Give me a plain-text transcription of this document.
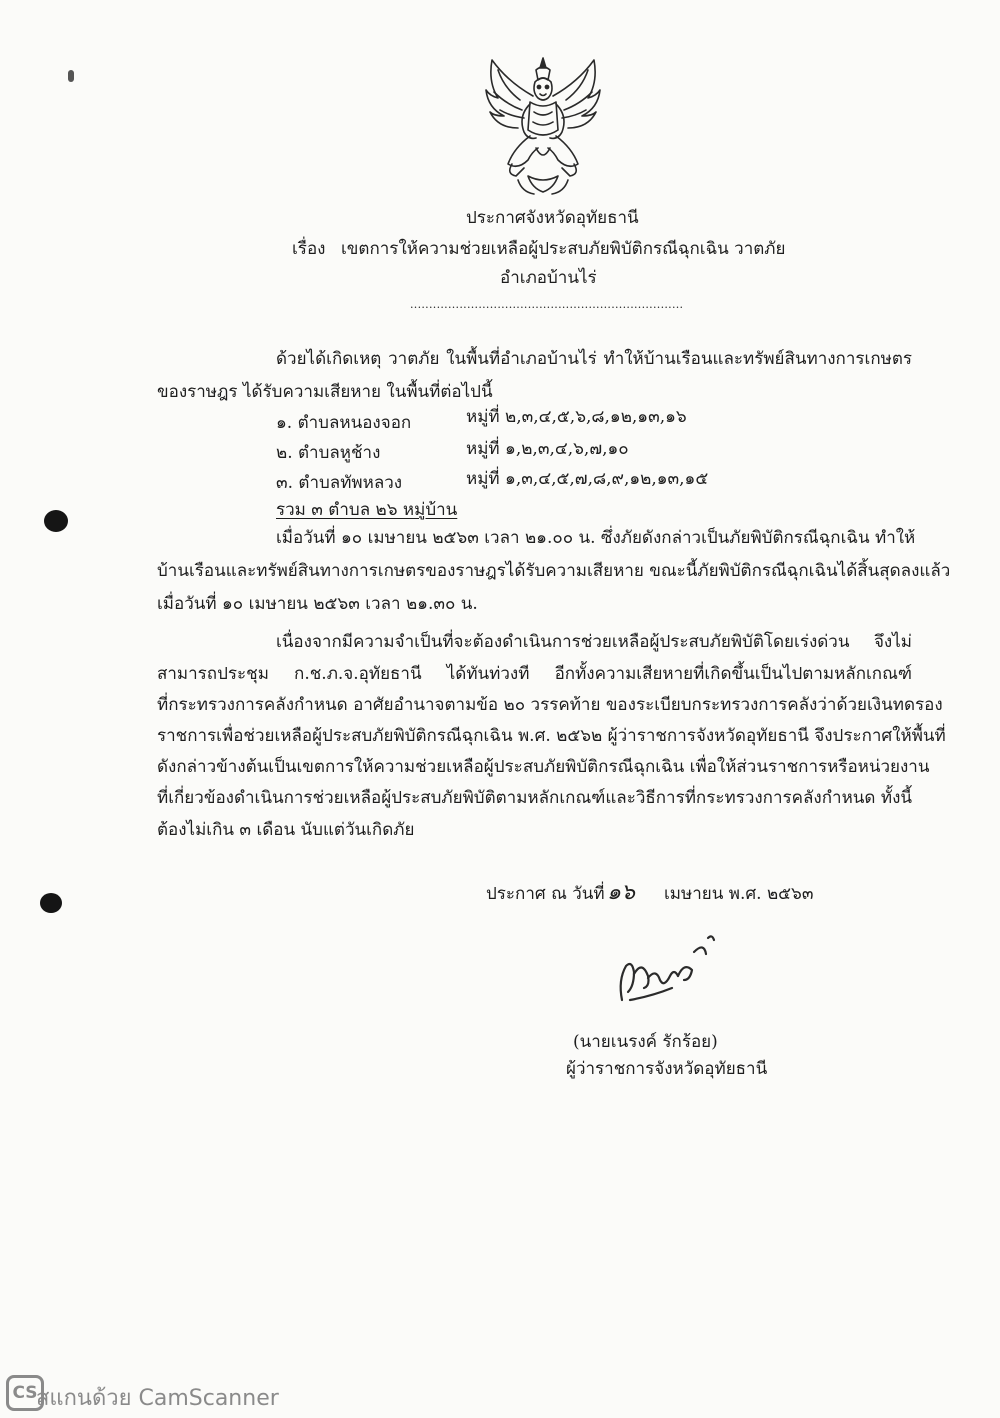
ประกาศจังหวัดอุทัยธานี
เรื่อง เขตการให้ความช่วยเหลือผู้ประสบภัยพิบัติกรณีฉุกเฉิน วาตภัย
อำเภอบ้านไร่
........................................................................
ด้วยได้เกิดเหตุ วาตภัย ในพื้นที่อำเภอบ้านไร่ ทำให้บ้านเรือนและทรัพย์สินทางการเกษตร
ของราษฎร ได้รับความเสียหาย ในพื้นที่ต่อไปนี้
๑. ตำบลหนองจอก	หมู่ที่ ๒,๓,๔,๕,๖,๘,๑๒,๑๓,๑๖
๒. ตำบลหูช้าง	หมู่ที่ ๑,๒,๓,๔,๖,๗,๑๐
๓. ตำบลทัพหลวง	หมู่ที่ ๑,๓,๔,๕,๗,๘,๙,๑๒,๑๓,๑๕
รวม ๓ ตำบล ๒๖ หมู่บ้าน
เมื่อวันที่ ๑๐ เมษายน ๒๕๖๓ เวลา ๒๑.๐๐ น. ซึ่งภัยดังกล่าวเป็นภัยพิบัติกรณีฉุกเฉิน ทำให้
บ้านเรือนและทรัพย์สินทางการเกษตรของราษฎรได้รับความเสียหาย ขณะนี้ภัยพิบัติกรณีฉุกเฉินได้สิ้นสุดลงแล้ว
เมื่อวันที่ ๑๐ เมษายน ๒๕๖๓ เวลา ๒๑.๓๐ น.
เนื่องจากมีความจำเป็นที่จะต้องดำเนินการช่วยเหลือผู้ประสบภัยพิบัติโดยเร่งด่วน จึงไม่
สามารถประชุม ก.ช.ภ.จ.อุทัยธานี ได้ทันท่วงที อีกทั้งความเสียหายที่เกิดขึ้นเป็นไปตามหลักเกณฑ์
ที่กระทรวงการคลังกำหนด อาศัยอำนาจตามข้อ ๒๐ วรรคท้าย ของระเบียบกระทรวงการคลังว่าด้วยเงินทดรอง
ราชการเพื่อช่วยเหลือผู้ประสบภัยพิบัติกรณีฉุกเฉิน พ.ศ. ๒๕๖๒ ผู้ว่าราชการจังหวัดอุทัยธานี จึงประกาศให้พื้นที่
ดังกล่าวข้างต้นเป็นเขตการให้ความช่วยเหลือผู้ประสบภัยพิบัติกรณีฉุกเฉิน เพื่อให้ส่วนราชการหรือหน่วยงาน
ที่เกี่ยวข้องดำเนินการช่วยเหลือผู้ประสบภัยพิบัติตามหลักเกณฑ์และวิธีการที่กระทรวงการคลังกำหนด ทั้งนี้
ต้องไม่เกิน ๓ เดือน นับแต่วันเกิดภัย
ประกาศ ณ วันที่ ๑๖ เมษายน พ.ศ. ๒๕๖๓
(นายเนรงค์ รักร้อย)
ผู้ว่าราชการจังหวัดอุทัยธานี
CS
สแกนด้วย CamScanner
